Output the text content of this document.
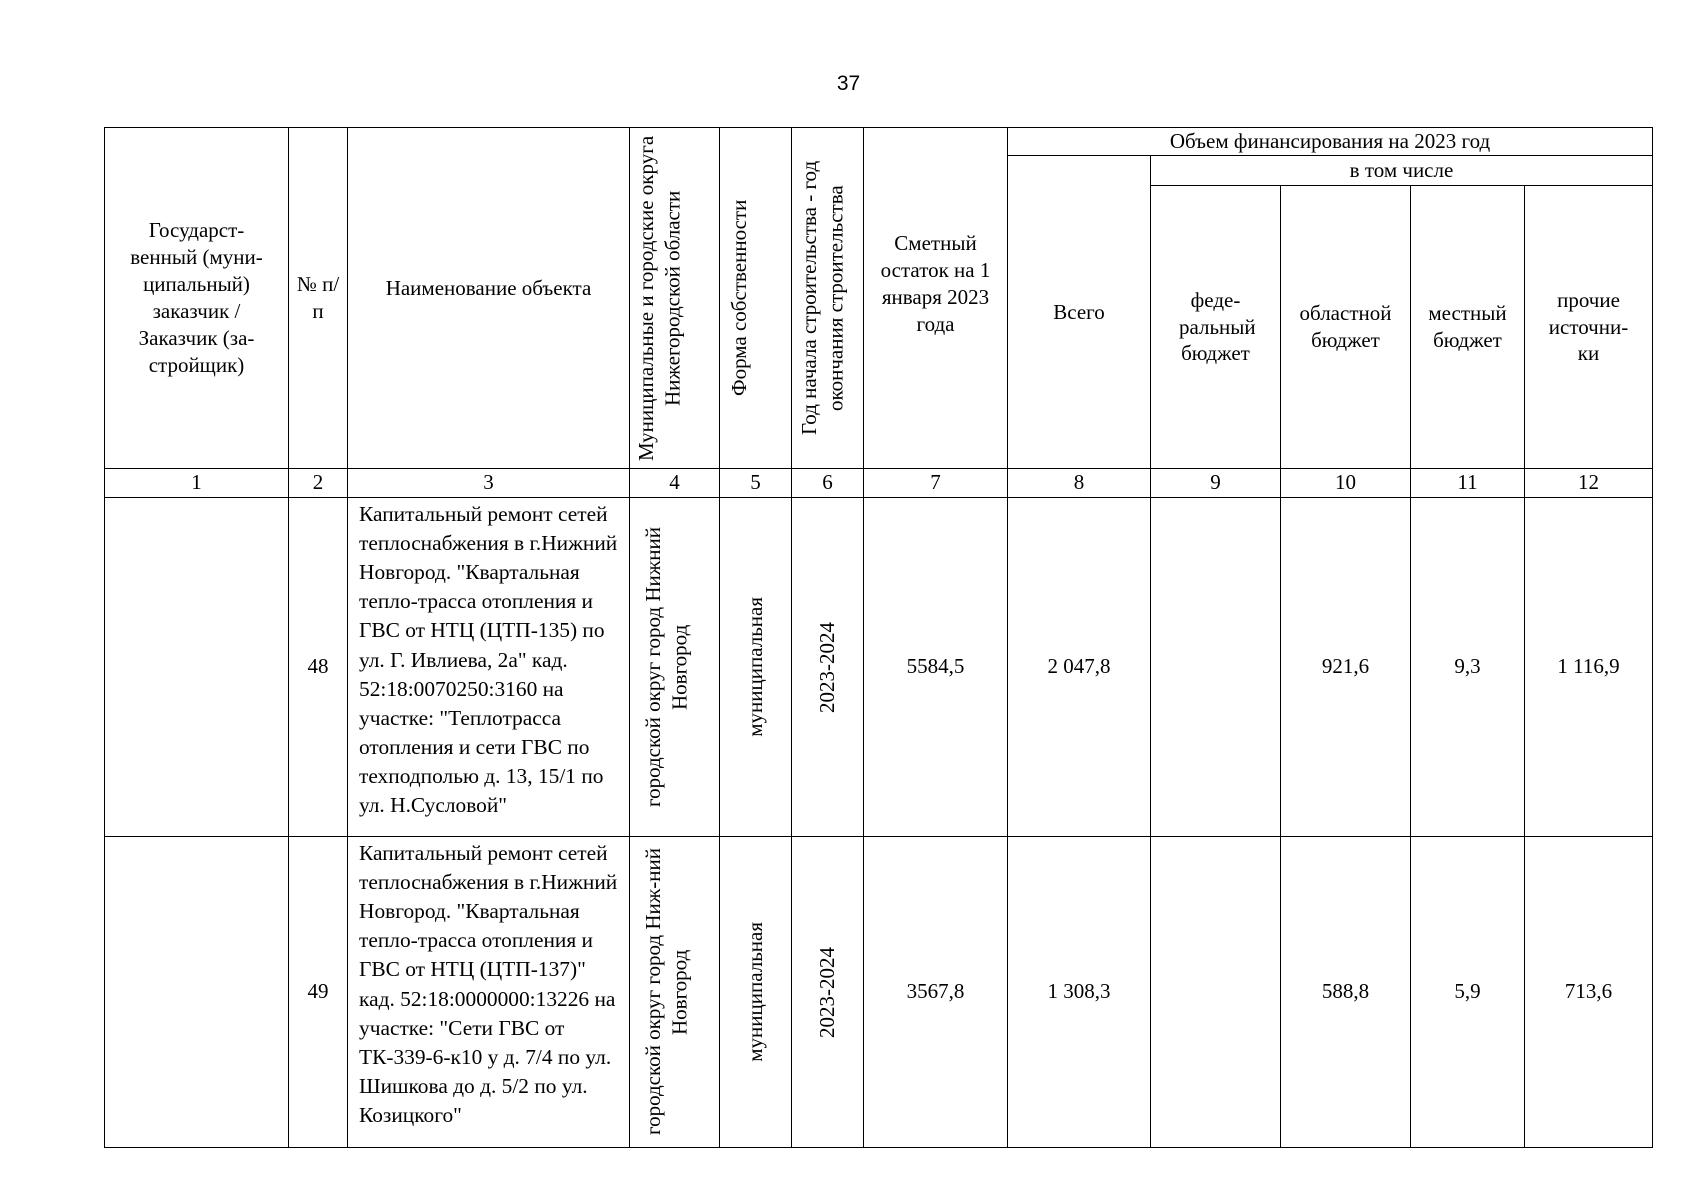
37
Государст-венный (муни-ципальный) заказчик / Заказчик (за-стройщик)	№ п/п	Наименование объекта	Муниципальные и городские округа Нижегородской области	Форма собственности	Год начала строительства - год окончания строительства	Сметный остаток на 1 января 2023 года	Объем финансирования на 2023 год				

							Всего	в том числе			

								феде-ральный бюджет	областной бюджет	местный бюджет	прочие источни-ки

1	2	3	4	5	6	7	8	9	10	11	12
	48	Капитальный ремонт сетей теплоснабжения в г.Нижний Новгород. "Квартальная тепло-трасса отопления и ГВС от НТЦ (ЦТП-135) по ул. Г. Ивлиева, 2а" кад. 52:18:0070250:3160 на участке: "Теплотрасса отопления и сети ГВС по техподполью д. 13, 15/1 по ул. Н.Сусловой"	городской округ город Нижний Новгород	муниципальная	2023-2024	5584,5	2 047,8		921,6	9,3	1 116,9
	49	Капитальный ремонт сетей теплоснабжения в г.Нижний Новгород. "Квартальная тепло-трасса отопления и ГВС от НТЦ (ЦТП-137)" кад. 52:18:0000000:13226 на участке: "Сети ГВС от ТК-339-6-к10 у д. 7/4 по ул. Шишкова до д. 5/2 по ул. Козицкого"	городской округ город Ниж-ний Новгород	муниципальная	2023-2024	3567,8	1 308,3		588,8	5,9	713,6
